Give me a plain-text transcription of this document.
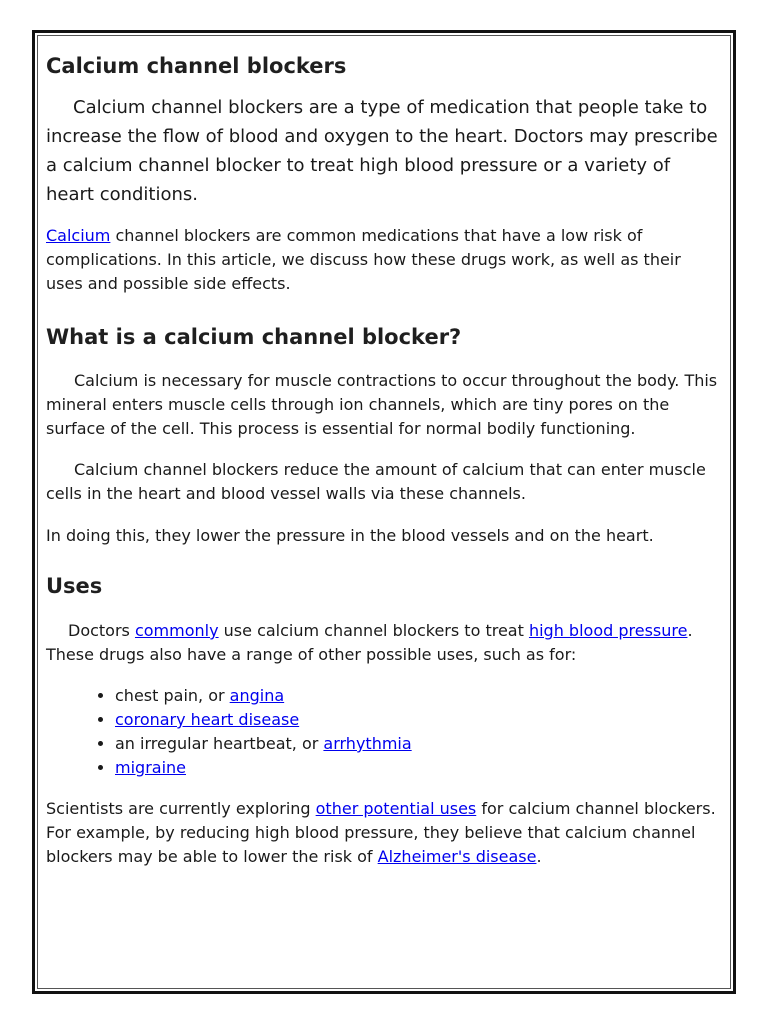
Calcium channel blockers

Calcium channel blockers are a type of medication that people take to increase the flow of blood and oxygen to the heart. Doctors may prescribe a calcium channel blocker to treat high blood pressure or a variety of heart conditions.

Calcium channel blockers are common medications that have a low risk of complications. In this article, we discuss how these drugs work, as well as their uses and possible side effects.

What is a calcium channel blocker?

Calcium is necessary for muscle contractions to occur throughout the body. This mineral enters muscle cells through ion channels, which are tiny pores on the surface of the cell. This process is essential for normal bodily functioning.

Calcium channel blockers reduce the amount of calcium that can enter muscle cells in the heart and blood vessel walls via these channels.

In doing this, they lower the pressure in the blood vessels and on the heart.

Uses

Doctors commonly use calcium channel blockers to treat high blood pressure. These drugs also have a range of other possible uses, such as for:

• chest pain, or angina
• coronary heart disease
• an irregular heartbeat, or arrhythmia
• migraine

Scientists are currently exploring other potential uses for calcium channel blockers. For example, by reducing high blood pressure, they believe that calcium channel blockers may be able to lower the risk of Alzheimer's disease.
